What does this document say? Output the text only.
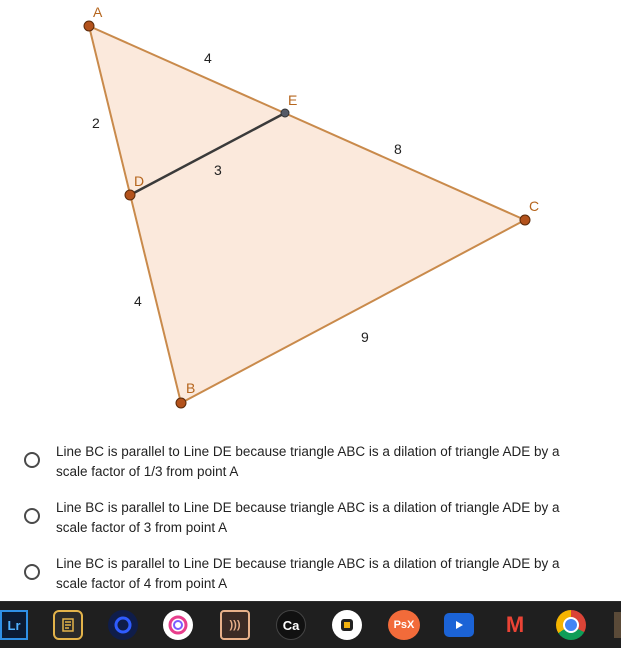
A
D
E
C
B
4
8
2
3
4
9
Line BC is parallel to Line DE because triangle ABC is a dilation of triangle ADE by a
scale factor of 1/3 from point A
Line BC is parallel to Line DE because triangle ABC is a dilation of triangle ADE by a
scale factor of 3 from point A
Line BC is parallel to Line DE because triangle ABC is a dilation of triangle ADE by a
scale factor of 4 from point A
Lr	)))	Ca	PsX	M
